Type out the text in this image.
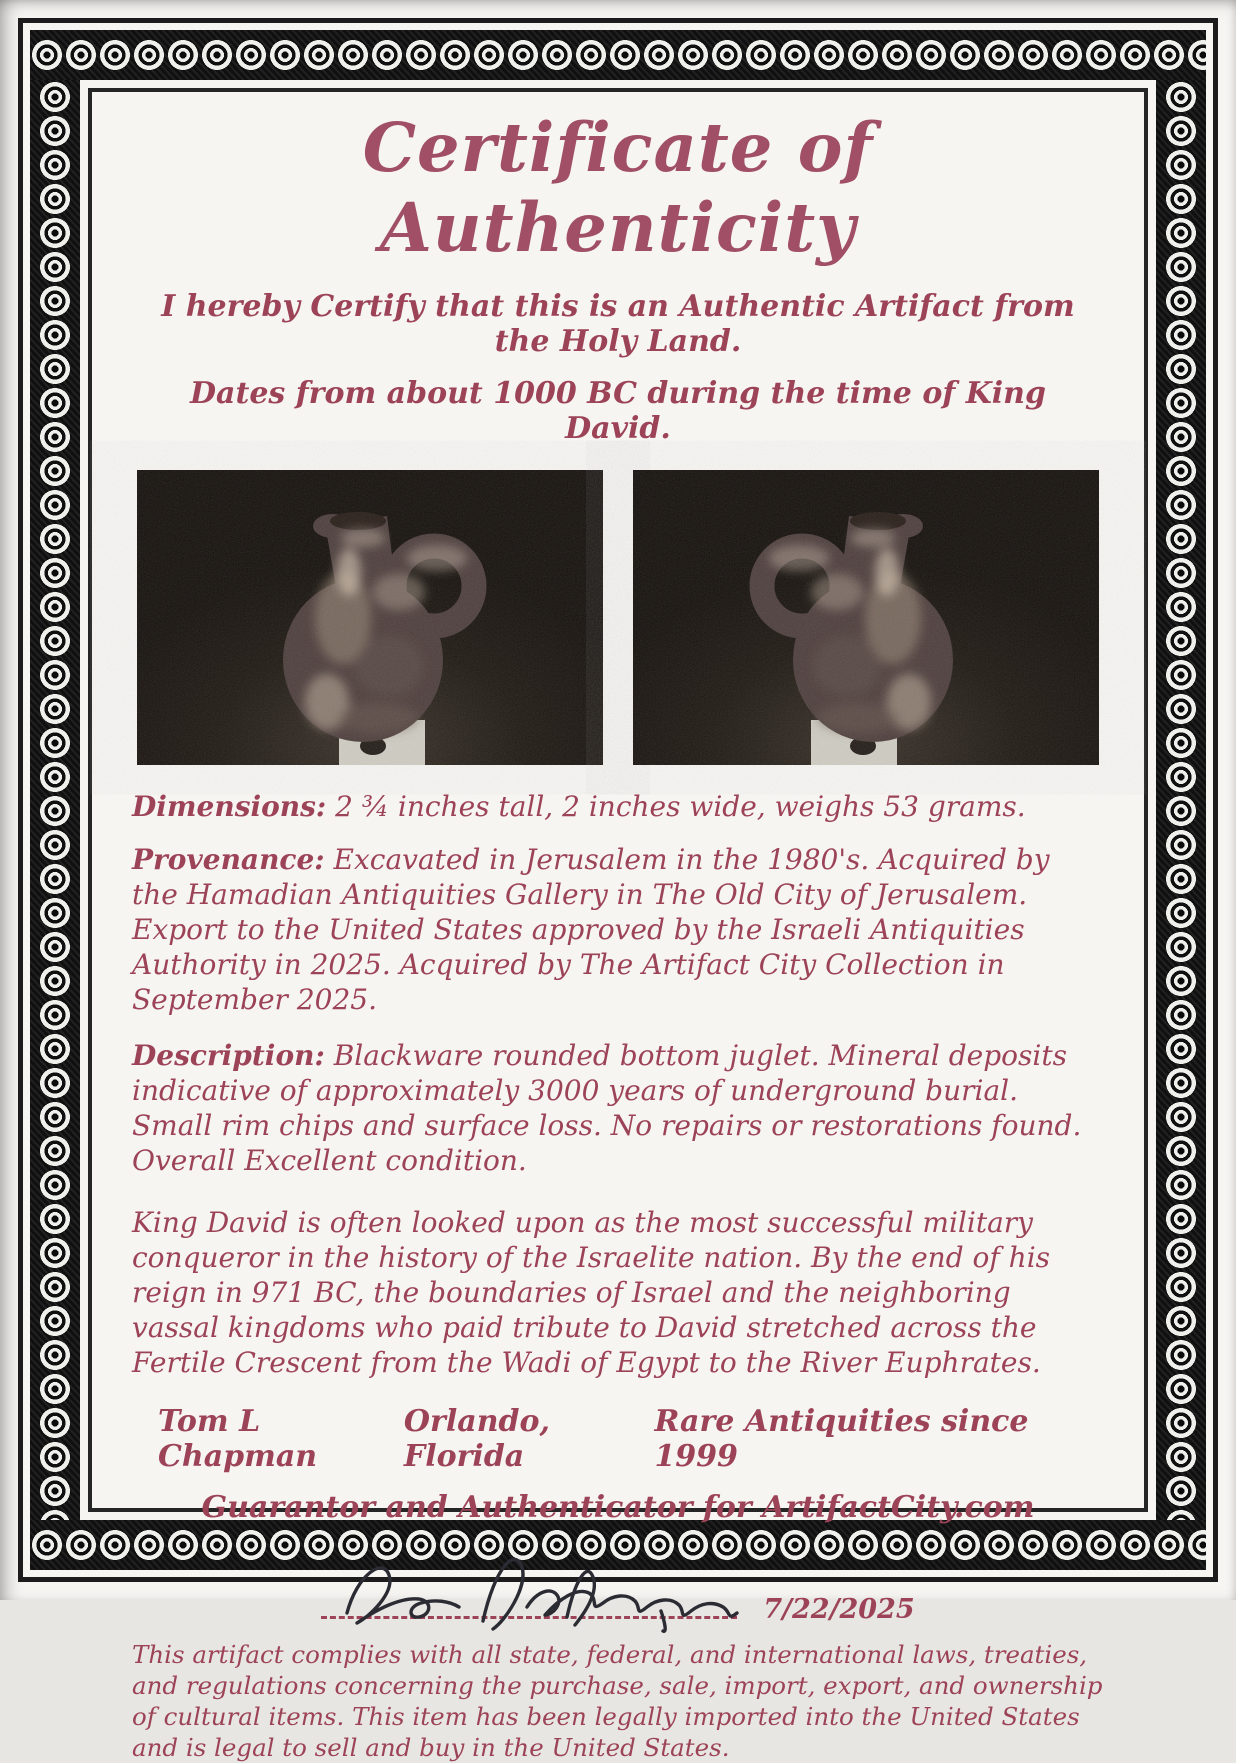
Certificate of Authenticity

I hereby Certify that this is an Authentic Artifact from the Holy Land.

Dates from about 1000 BC during the time of King David.

Dimensions: 2 ¾ inches tall, 2 inches wide, weighs 53 grams.

Provenance: Excavated in Jerusalem in the 1980's. Acquired by the Hamadian Antiquities Gallery in The Old City of Jerusalem. Export to the United States approved by the Israeli Antiquities Authority in 2025. Acquired by The Artifact City Collection in September 2025.

Description: Blackware rounded bottom juglet. Mineral deposits indicative of approximately 3000 years of underground burial. Small rim chips and surface loss. No repairs or restorations found. Overall Excellent condition.

King David is often looked upon as the most successful military conqueror in the history of the Israelite nation. By the end of his reign in 971 BC, the boundaries of Israel and the neighboring vassal kingdoms who paid tribute to David stretched across the Fertile Crescent from the Wadi of Egypt to the River Euphrates.

Tom L Chapman
Orlando, Florida
Rare Antiquities since 1999

Guarantor and Authenticator for ArtifactCity.com

7/22/2025

This artifact complies with all state, federal, and international laws, treaties, and regulations concerning the purchase, sale, import, export, and ownership of cultural items. This item has been legally imported into the United States and is legal to sell and buy in the United States.
